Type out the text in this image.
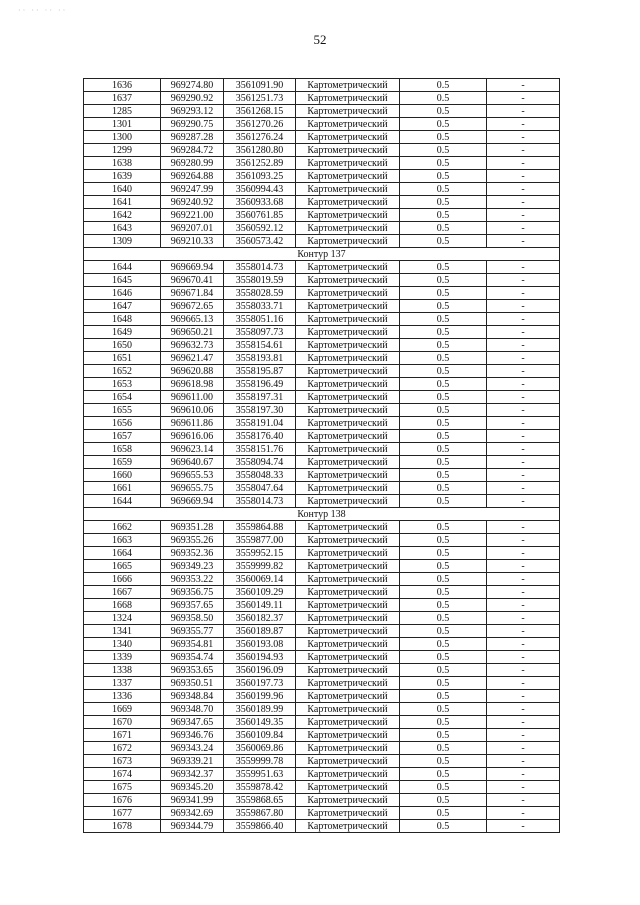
·· ·· ·· ··
52
1636	969274.80	3561091.90	Картометрический	0.5	-
1637	969290.92	3561251.73	Картометрический	0.5	-
1285	969293.12	3561268.15	Картометрический	0.5	-
1301	969290.75	3561270.26	Картометрический	0.5	-
1300	969287.28	3561276.24	Картометрический	0.5	-
1299	969284.72	3561280.80	Картометрический	0.5	-
1638	969280.99	3561252.89	Картометрический	0.5	-
1639	969264.88	3561093.25	Картометрический	0.5	-
1640	969247.99	3560994.43	Картометрический	0.5	-
1641	969240.92	3560933.68	Картометрический	0.5	-
1642	969221.00	3560761.85	Картометрический	0.5	-
1643	969207.01	3560592.12	Картометрический	0.5	-
1309	969210.33	3560573.42	Картометрический	0.5	-
Контур 137					
1644	969669.94	3558014.73	Картометрический	0.5	-
1645	969670.41	3558019.59	Картометрический	0.5	-
1646	969671.84	3558028.59	Картометрический	0.5	-
1647	969672.65	3558033.71	Картометрический	0.5	-
1648	969665.13	3558051.16	Картометрический	0.5	-
1649	969650.21	3558097.73	Картометрический	0.5	-
1650	969632.73	3558154.61	Картометрический	0.5	-
1651	969621.47	3558193.81	Картометрический	0.5	-
1652	969620.88	3558195.87	Картометрический	0.5	-
1653	969618.98	3558196.49	Картометрический	0.5	-
1654	969611.00	3558197.31	Картометрический	0.5	-
1655	969610.06	3558197.30	Картометрический	0.5	-
1656	969611.86	3558191.04	Картометрический	0.5	-
1657	969616.06	3558176.40	Картометрический	0.5	-
1658	969623.14	3558151.76	Картометрический	0.5	-
1659	969640.67	3558094.74	Картометрический	0.5	-
1660	969655.53	3558048.33	Картометрический	0.5	-
1661	969655.75	3558047.64	Картометрический	0.5	-
1644	969669.94	3558014.73	Картометрический	0.5	-
Контур 138					
1662	969351.28	3559864.88	Картометрический	0.5	-
1663	969355.26	3559877.00	Картометрический	0.5	-
1664	969352.36	3559952.15	Картометрический	0.5	-
1665	969349.23	3559999.82	Картометрический	0.5	-
1666	969353.22	3560069.14	Картометрический	0.5	-
1667	969356.75	3560109.29	Картометрический	0.5	-
1668	969357.65	3560149.11	Картометрический	0.5	-
1324	969358.50	3560182.37	Картометрический	0.5	-
1341	969355.77	3560189.87	Картометрический	0.5	-
1340	969354.81	3560193.08	Картометрический	0.5	-
1339	969354.74	3560194.93	Картометрический	0.5	-
1338	969353.65	3560196.09	Картометрический	0.5	-
1337	969350.51	3560197.73	Картометрический	0.5	-
1336	969348.84	3560199.96	Картометрический	0.5	-
1669	969348.70	3560189.99	Картометрический	0.5	-
1670	969347.65	3560149.35	Картометрический	0.5	-
1671	969346.76	3560109.84	Картометрический	0.5	-
1672	969343.24	3560069.86	Картометрический	0.5	-
1673	969339.21	3559999.78	Картометрический	0.5	-
1674	969342.37	3559951.63	Картометрический	0.5	-
1675	969345.20	3559878.42	Картометрический	0.5	-
1676	969341.99	3559868.65	Картометрический	0.5	-
1677	969342.69	3559867.80	Картометрический	0.5	-
1678	969344.79	3559866.40	Картометрический	0.5	-
